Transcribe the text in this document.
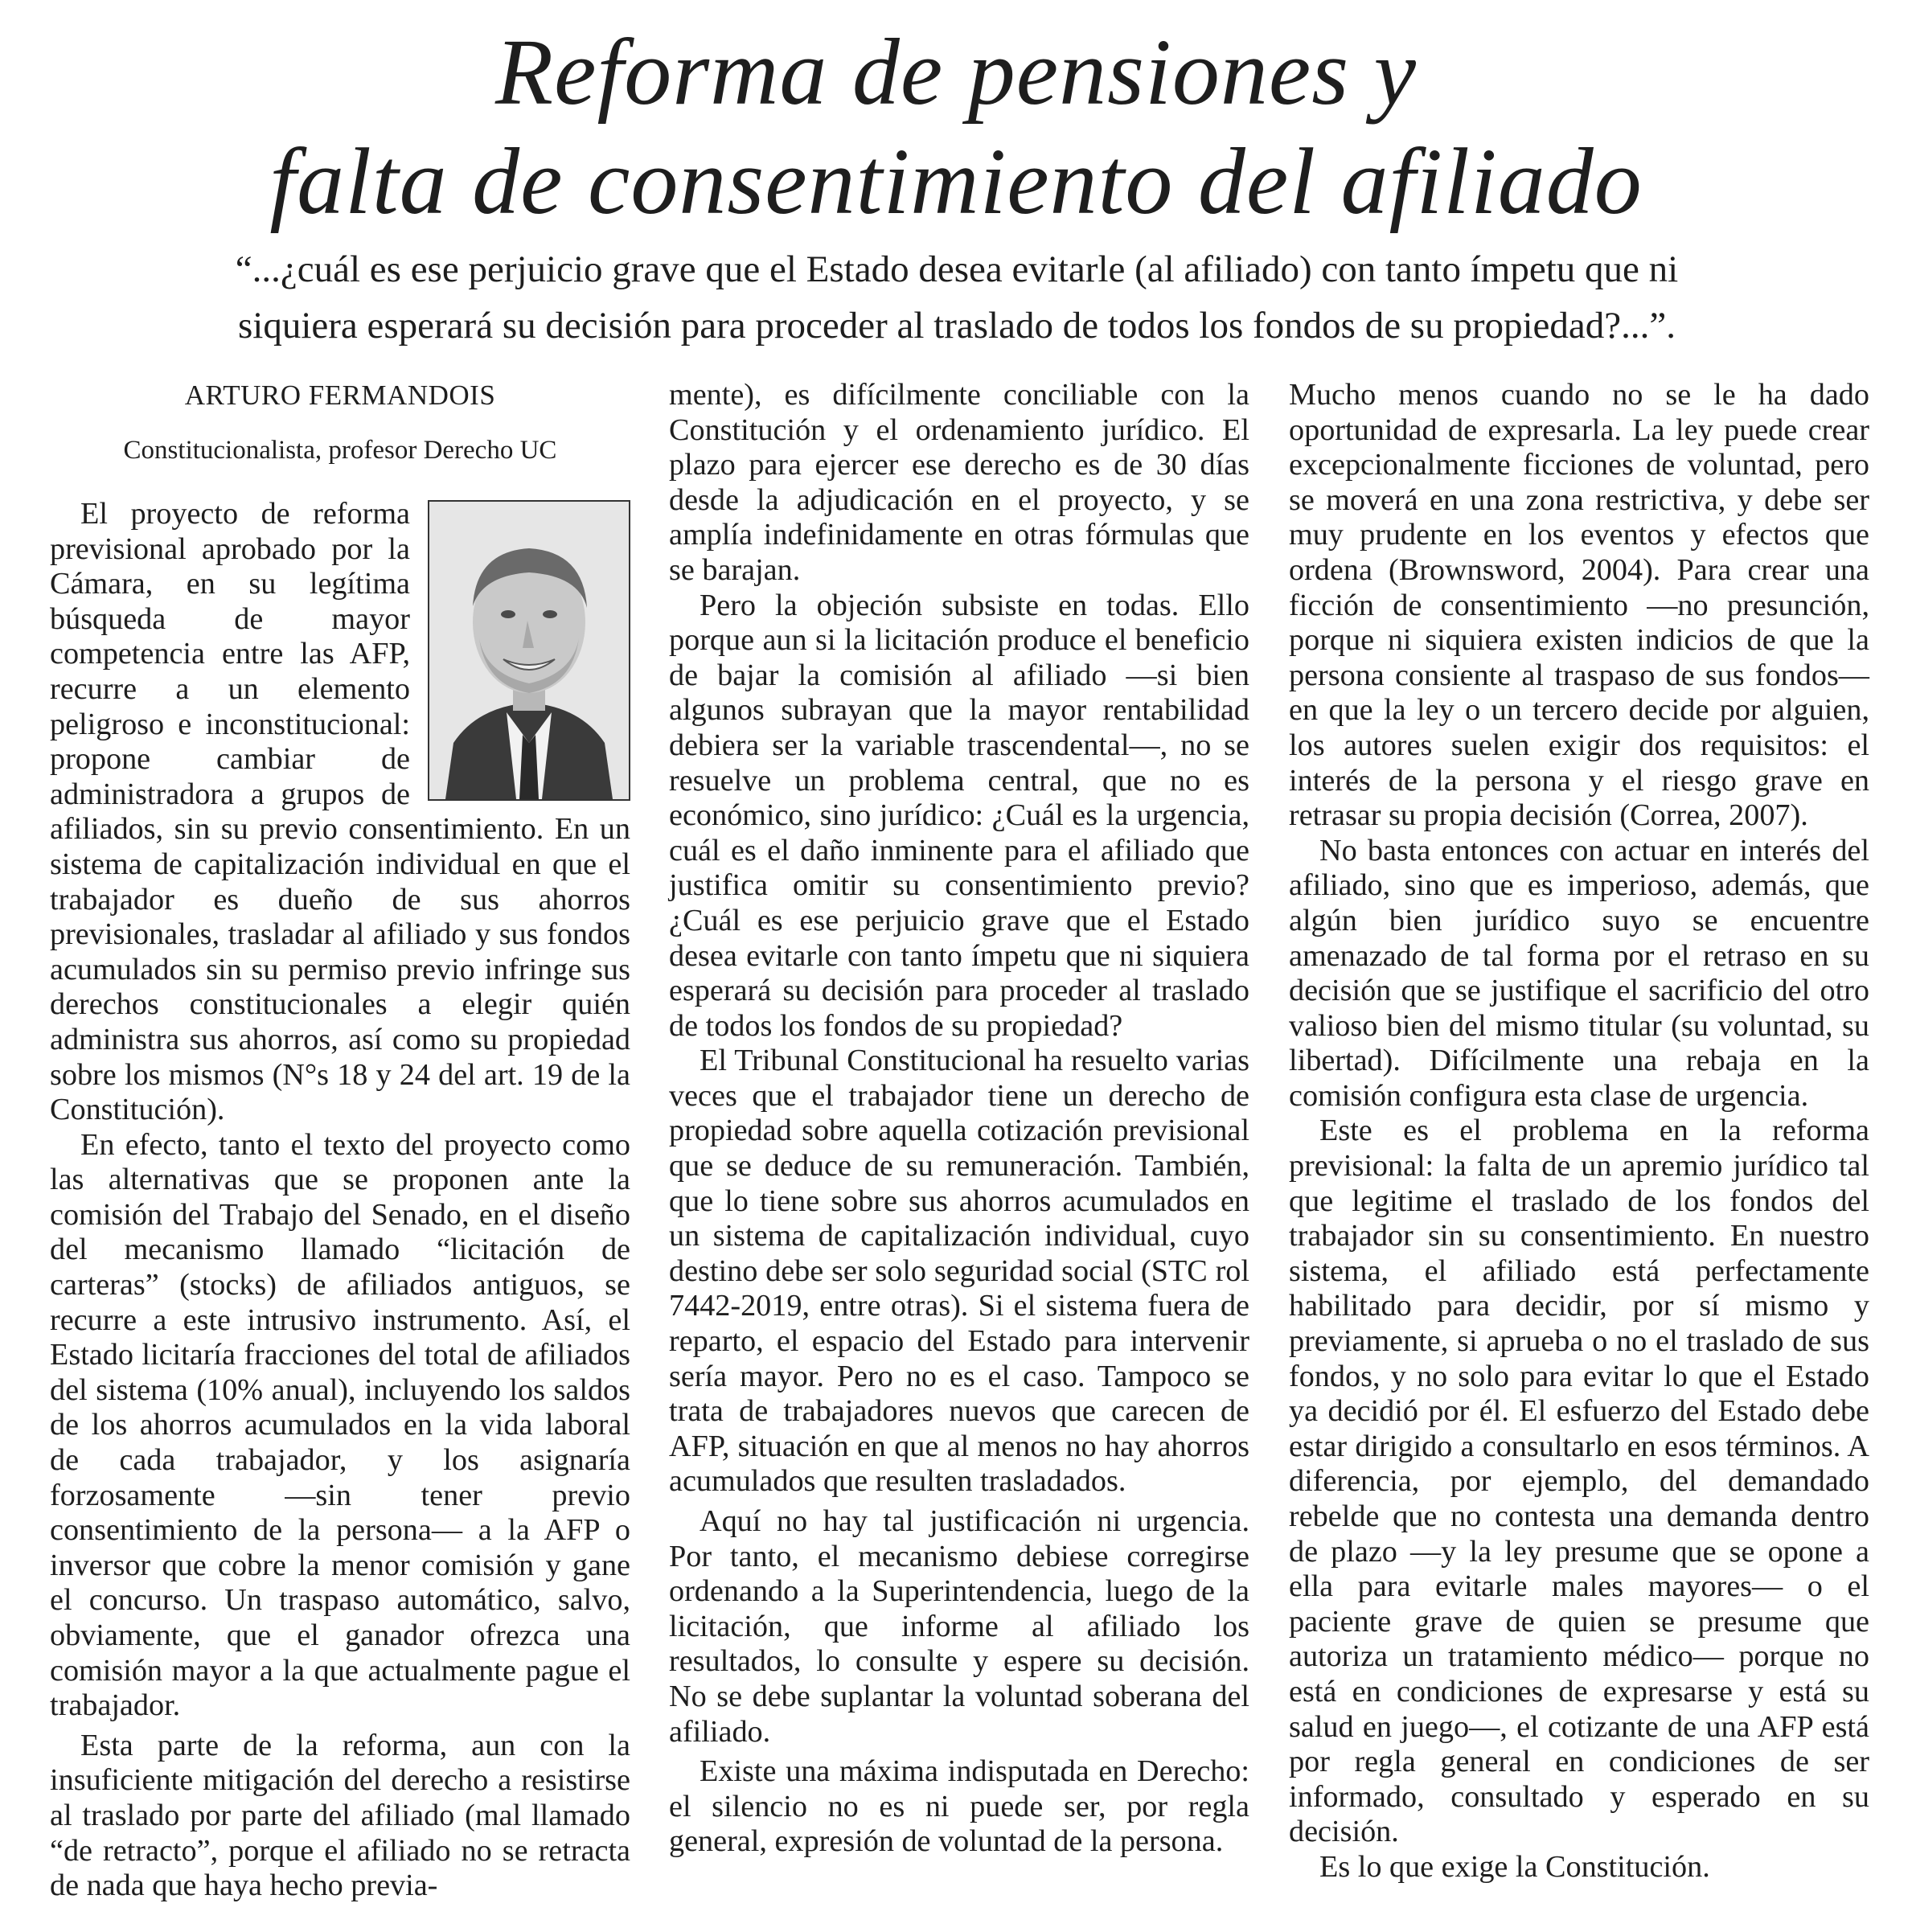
Reforma de pensiones y
falta de consentimiento del afiliado
“...¿cuál es ese perjuicio grave que el Estado desea evitarle (al afiliado) con tanto ímpetu que ni
siquiera esperará su decisión para proceder al traslado de todos los fondos de su propiedad?...”.
ARTURO FERMANDOIS
Constitucionalista, profesor Derecho UC

El proyecto de reforma previsional aprobado por la Cámara, en su legítima búsqueda de mayor competencia entre las AFP, recurre a un elemento peligroso e inconstitucional: propone cambiar de administradora a grupos de afiliados, sin su previo consentimiento. En un sistema de capitalización individual en que el trabajador es dueño de sus ahorros previsionales, trasladar al afiliado y sus fondos acumulados sin su permiso previo infringe sus derechos constitucionales a elegir quién administra sus ahorros, así como su propiedad sobre los mismos (N°s 18 y 24 del art. 19 de la Constitución).

En efecto, tanto el texto del proyecto como las alternativas que se proponen ante la comisión del Trabajo del Senado, en el diseño del mecanismo llamado “licitación de carteras” (stocks) de afiliados antiguos, se recurre a este intrusivo instrumento. Así, el Estado licitaría fracciones del total de afiliados del sistema (10% anual), incluyendo los saldos de los ahorros acumulados en la vida laboral de cada trabajador, y los asignaría forzosamente —sin tener previo consentimiento de la persona— a la AFP o inversor que cobre la menor comisión y gane el concurso. Un traspaso automático, salvo, obviamente, que el ganador ofrezca una comisión mayor a la que actualmente pague el trabajador.

Esta parte de la reforma, aun con la insuficiente mitigación del derecho a resistirse al traslado por parte del afiliado (mal llamado “de retracto”, porque el afiliado no se retracta de nada que haya hecho previa-

mente), es difícilmente conciliable con la Constitución y el ordenamiento jurídico. El plazo para ejercer ese derecho es de 30 días desde la adjudicación en el proyecto, y se amplía indefinidamente en otras fórmulas que se barajan.

Pero la objeción subsiste en todas. Ello porque aun si la licitación produce el beneficio de bajar la comisión al afiliado —si bien algunos subrayan que la mayor rentabilidad debiera ser la variable trascendental—, no se resuelve un problema central, que no es económico, sino jurídico: ¿Cuál es la urgencia, cuál es el daño inminente para el afiliado que justifica omitir su consentimiento previo? ¿Cuál es ese perjuicio grave que el Estado desea evitarle con tanto ímpetu que ni siquiera esperará su decisión para proceder al traslado de todos los fondos de su propiedad?

El Tribunal Constitucional ha resuelto varias veces que el trabajador tiene un derecho de propiedad sobre aquella cotización previsional que se deduce de su remuneración. También, que lo tiene sobre sus ahorros acumulados en un sistema de capitalización individual, cuyo destino debe ser solo seguridad social (STC rol 7442-2019, entre otras). Si el sistema fuera de reparto, el espacio del Estado para intervenir sería mayor. Pero no es el caso. Tampoco se trata de trabajadores nuevos que carecen de AFP, situación en que al menos no hay ahorros acumulados que resulten trasladados.

Aquí no hay tal justificación ni urgencia. Por tanto, el mecanismo debiese corregirse ordenando a la Superintendencia, luego de la licitación, que informe al afiliado los resultados, lo consulte y espere su decisión. No se debe suplantar la voluntad soberana del afiliado.

Existe una máxima indisputada en Derecho: el silencio no es ni puede ser, por regla general, expresión de voluntad de la persona.

Mucho menos cuando no se le ha dado oportunidad de expresarla. La ley puede crear excepcionalmente ficciones de voluntad, pero se moverá en una zona restrictiva, y debe ser muy prudente en los eventos y efectos que ordena (Brownsword, 2004). Para crear una ficción de consentimiento —no presunción, porque ni siquiera existen indicios de que la persona consiente al traspaso de sus fondos— en que la ley o un tercero decide por alguien, los autores suelen exigir dos requisitos: el interés de la persona y el riesgo grave en retrasar su propia decisión (Correa, 2007).

No basta entonces con actuar en interés del afiliado, sino que es imperioso, además, que algún bien jurídico suyo se encuentre amenazado de tal forma por el retraso en su decisión que se justifique el sacrificio del otro valioso bien del mismo titular (su voluntad, su libertad). Difícilmente una rebaja en la comisión configura esta clase de urgencia.

Este es el problema en la reforma previsional: la falta de un apremio jurídico tal que legitime el traslado de los fondos del trabajador sin su consentimiento. En nuestro sistema, el afiliado está perfectamente habilitado para decidir, por sí mismo y previamente, si aprueba o no el traslado de sus fondos, y no solo para evitar lo que el Estado ya decidió por él. El esfuerzo del Estado debe estar dirigido a consultarlo en esos términos. A diferencia, por ejemplo, del demandado rebelde que no contesta una demanda dentro de plazo —y la ley presume que se opone a ella para evitarle males mayores— o el paciente grave de quien se presume que autoriza un tratamiento médico— porque no está en condiciones de expresarse y está su salud en juego—, el cotizante de una AFP está por regla general en condiciones de ser informado, consultado y esperado en su decisión.

Es lo que exige la Constitución.
